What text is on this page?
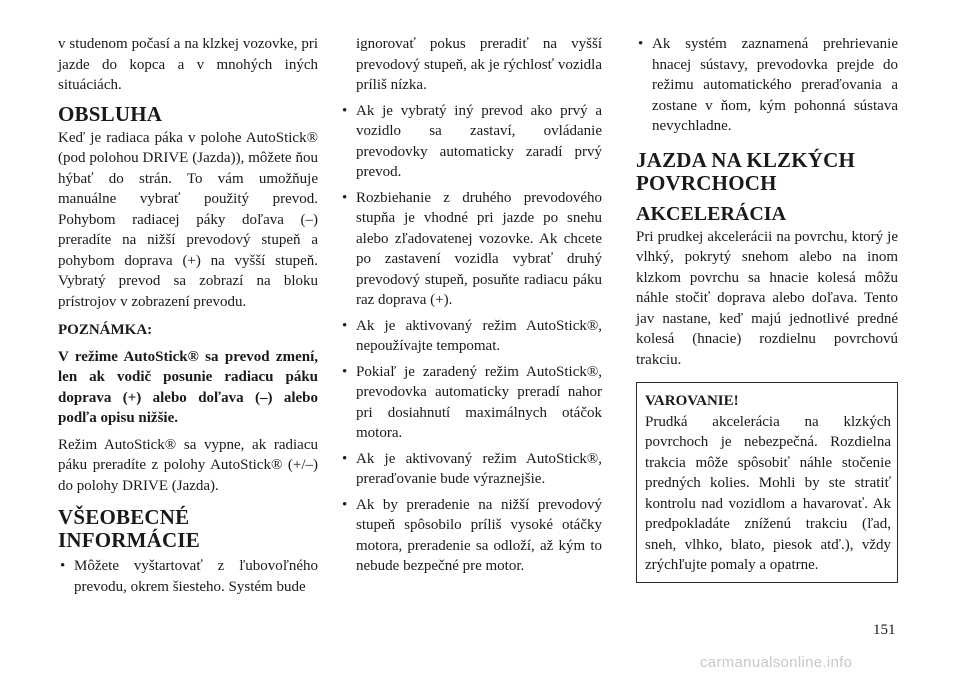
v studenom počasí a na klzkej vozovke, pri jazde do kopca a v mnohých iných situáciách.

OBSLUHA

Keď je radiaca páka v polohe AutoStick® (pod polohou DRIVE (Jazda)), môžete ňou hýbať do strán. To vám umožňuje manuálne vybrať použitý prevod. Pohybom radiacej páky doľava (–) preradíte na nižší prevodový stupeň a pohybom doprava (+) na vyšší stupeň. Vybratý prevod sa zobrazí na bloku prístrojov v zobrazení prevodu.

POZNÁMKA:

V režime AutoStick® sa prevod zmení, len ak vodič posunie radiacu páku doprava (+) alebo doľava (–) alebo podľa opisu nižšie.

Režim AutoStick® sa vypne, ak radiacu páku preradíte z polohy AutoStick® (+/–) do polohy DRIVE (Jazda).

VŠEOBECNÉ INFORMÁCIE
• Môžete vyštartovať z ľubovoľného prevodu, okrem šiesteho. Systém bude

ignorovať pokus preradiť na vyšší prevodový stupeň, ak je rýchlosť vozidla príliš nízka.

• Ak je vybratý iný prevod ako prvý a vozidlo sa zastaví, ovládanie prevodovky automaticky zaradí prvý prevod.
• Rozbiehanie z druhého prevodového stupňa je vhodné pri jazde po snehu alebo zľadovatenej vozovke. Ak chcete po zastavení vozidla vybrať druhý prevodový stupeň, posuňte radiacu páku raz doprava (+).
• Ak je aktivovaný režim AutoStick®, nepoužívajte tempomat.
• Pokiaľ je zaradený režim AutoStick®, prevodovka automaticky preradí nahor pri dosiahnutí maximálnych otáčok motora.
• Ak je aktivovaný režim AutoStick®, preraďovanie bude výraznejšie.
• Ak by preradenie na nižší prevodový stupeň spôsobilo príliš vysoké otáčky motora, preradenie sa odloží, až kým to nebude bezpečné pre motor.
• Ak systém zaznamená prehrievanie hnacej sústavy, prevodovka prejde do režimu automatického preraďovania a zostane v ňom, kým pohonná sústava nevychladne.
JAZDA NA KLZKÝCH POVRCHOCH
AKCELERÁCIA

Pri prudkej akcelerácii na povrchu, ktorý je vlhký, pokrytý snehom alebo na inom klzkom povrchu sa hnacie kolesá môžu náhle stočiť doprava alebo doľava. Tento jav nastane, keď majú jednotlivé predné kolesá (hnacie) rozdielnu povrchovú trakciu.

VAROVANIE!

Prudká akcelerácia na klzkých povrchoch je nebezpečná. Rozdielna trakcia môže spôsobiť náhle stočenie predných kolies. Mohli by ste stratiť kontrolu nad vozidlom a havarovať. Ak predpokladáte zníženú trakciu (ľad, sneh, vlhko, blato, piesok atď.), vždy zrýchľujte pomaly a opatrne.

151
carmanualsonline.info
